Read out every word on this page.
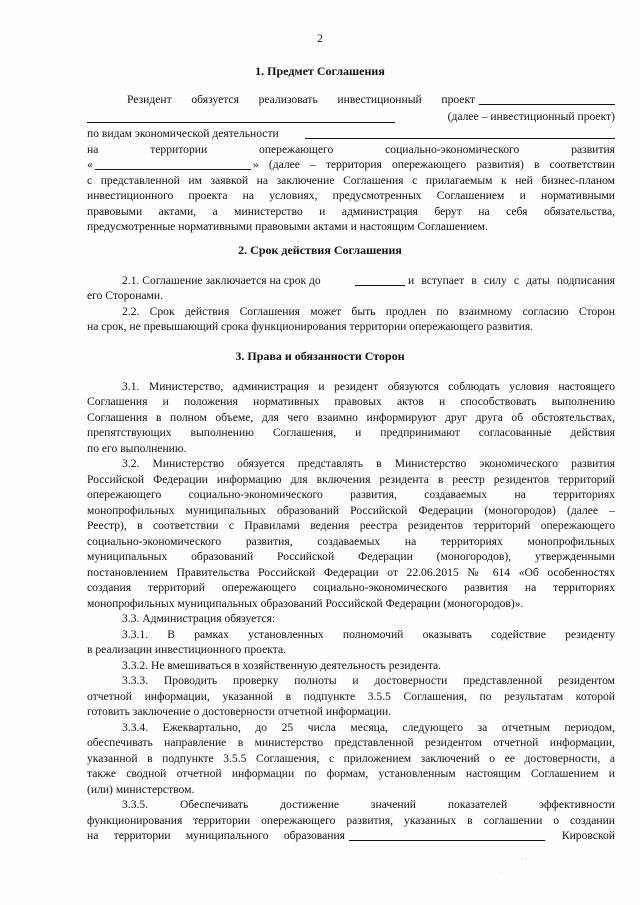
2
1. Предмет Соглашения
Резидент обязуется реализовать инвестиционный проект
(далее – инвестиционный проект)
по видам экономической деятельности
на	территории	опережающего	социально-экономического	развития
«	» (далее – территория опережающего развития) в соответствии
с представленной им заявкой на заключение Соглашения с прилагаемым к ней бизнес-планом
инвестиционного проекта на условиях, предусмотренных Соглашением и нормативными
правовыми актами, а министерство и администрация берут на себя обязательства,
предусмотренные нормативными правовыми актами и настоящим Соглашением.
2. Срок действия Соглашения
2.1. Соглашение заключается на срок до	и вступает в силу с даты подписания
его Сторонами.
2.2. Срок действия Соглашения может быть продлен по взаимному согласию Сторон
на срок, не превышающий срока функционирования территории опережающего развития.
3. Права и обязанности Сторон
3.1. Министерство, администрация и резидент обязуются соблюдать условия настоящего
Соглашения и положения нормативных правовых актов и способствовать выполнению
Соглашения в полном объеме, для чего взаимно информируют друг друга об обстоятельствах,
препятствующих выполнению Соглашения, и предпринимают согласованные действия
по его выполнению.
3.2. Министерство обязуется представлять в Министерство экономического развития
Российской Федерации информацию для включения резидента в реестр резидентов территорий
опережающего социально-экономического развития, создаваемых на территориях
монопрофильных муниципальных образований Российской Федерации (моногородов) (далее –
Реестр), в соответствии с Правилами ведения реестра резидентов территорий опережающего
социально-экономического развития, создаваемых на территориях монопрофильных
муниципальных образований Российской Федерации (моногородов), утвержденными
постановлением Правительства Российской Федерации от 22.06.2015 № 614 «Об особенностях
создания территорий опережающего социально-экономического развития на территориях
монопрофильных муниципальных образований Российской Федерации (моногородов)».
3.3. Администрация обязуется:
3.3.1. В рамках установленных полномочий оказывать содействие резиденту
в реализации инвестиционного проекта.
3.3.2. Не вмешиваться в хозяйственную деятельность резидента.
3.3.3. Проводить проверку полноты и достоверности представленной резидентом
отчетной информации, указанной в подпункте 3.5.5 Соглашения, по результатам которой
готовить заключение о достоверности отчетной информации.
3.3.4. Ежеквартально, до 25 числа месяца, следующего за отчетным периодом,
обеспечивать направление в министерство представленной резидентом отчетной информации,
указанной в подпункте 3.5.5 Соглашения, с приложением заключений о ее достоверности, а
также сводной отчетной информации по формам, установленным настоящим Соглашением и
(или) министерством.
3.3.5. Обеспечивать достижение значений показателей эффективности
функционирования территории опережающего развития, указанных в соглашении о создании
на территории муниципального образования	Кировской
· ·
·
